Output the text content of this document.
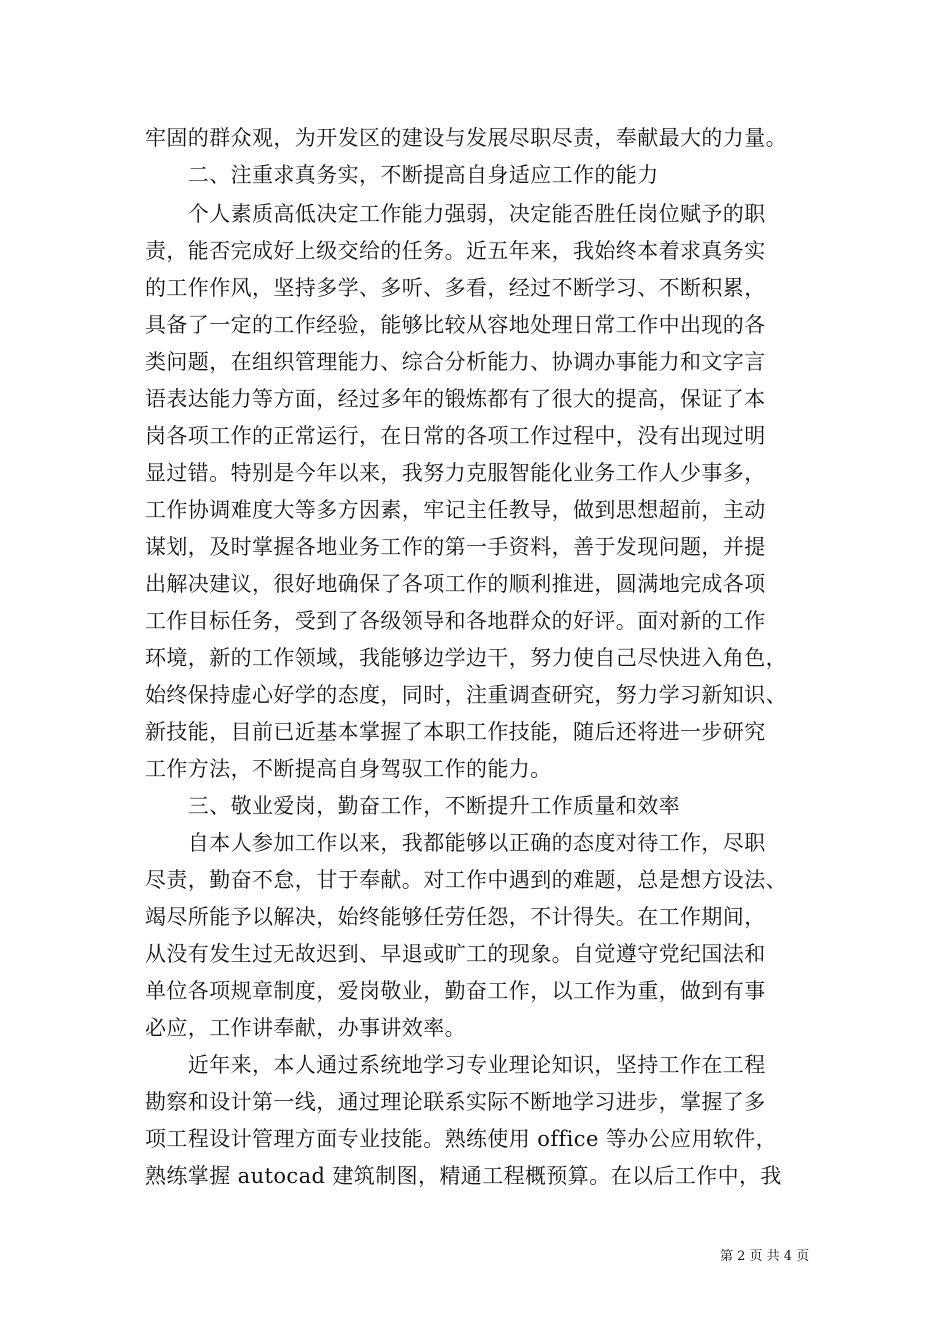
牢固的群众观，为开发区的建设与发展尽职尽责，奉献最大的力量。
　　二、注重求真务实，不断提高自身适应工作的能力
　　个人素质高低决定工作能力强弱，决定能否胜任岗位赋予的职
责，能否完成好上级交给的任务。近五年来，我始终本着求真务实
的工作作风，坚持多学、多听、多看，经过不断学习、不断积累，
具备了一定的工作经验，能够比较从容地处理日常工作中出现的各
类问题，在组织管理能力、综合分析能力、协调办事能力和文字言
语表达能力等方面，经过多年的锻炼都有了很大的提高，保证了本
岗各项工作的正常运行，在日常的各项工作过程中，没有出现过明
显过错。特别是今年以来，我努力克服智能化业务工作人少事多，
工作协调难度大等多方因素，牢记主任教导，做到思想超前，主动
谋划，及时掌握各地业务工作的第一手资料，善于发现问题，并提
出解决建议，很好地确保了各项工作的顺利推进，圆满地完成各项
工作目标任务，受到了各级领导和各地群众的好评。面对新的工作
环境，新的工作领域，我能够边学边干，努力使自己尽快进入角色，
始终保持虚心好学的态度，同时，注重调查研究，努力学习新知识、
新技能，目前已近基本掌握了本职工作技能，随后还将进一步研究
工作方法，不断提高自身驾驭工作的能力。
　　三、敬业爱岗，勤奋工作，不断提升工作质量和效率
　　自本人参加工作以来，我都能够以正确的态度对待工作，尽职
尽责，勤奋不怠，甘于奉献。对工作中遇到的难题，总是想方设法、
竭尽所能予以解决，始终能够任劳任怨，不计得失。在工作期间，
从没有发生过无故迟到、早退或旷工的现象。自觉遵守党纪国法和
单位各项规章制度，爱岗敬业，勤奋工作，以工作为重，做到有事
必应，工作讲奉献，办事讲效率。
　　近年来，本人通过系统地学习专业理论知识，坚持工作在工程
勘察和设计第一线，通过理论联系实际不断地学习进步，掌握了多
项工程设计管理方面专业技能。熟练使用 office 等办公应用软件，
熟练掌握 autocad 建筑制图，精通工程概预算。在以后工作中，我
第 2 页 共 4 页
